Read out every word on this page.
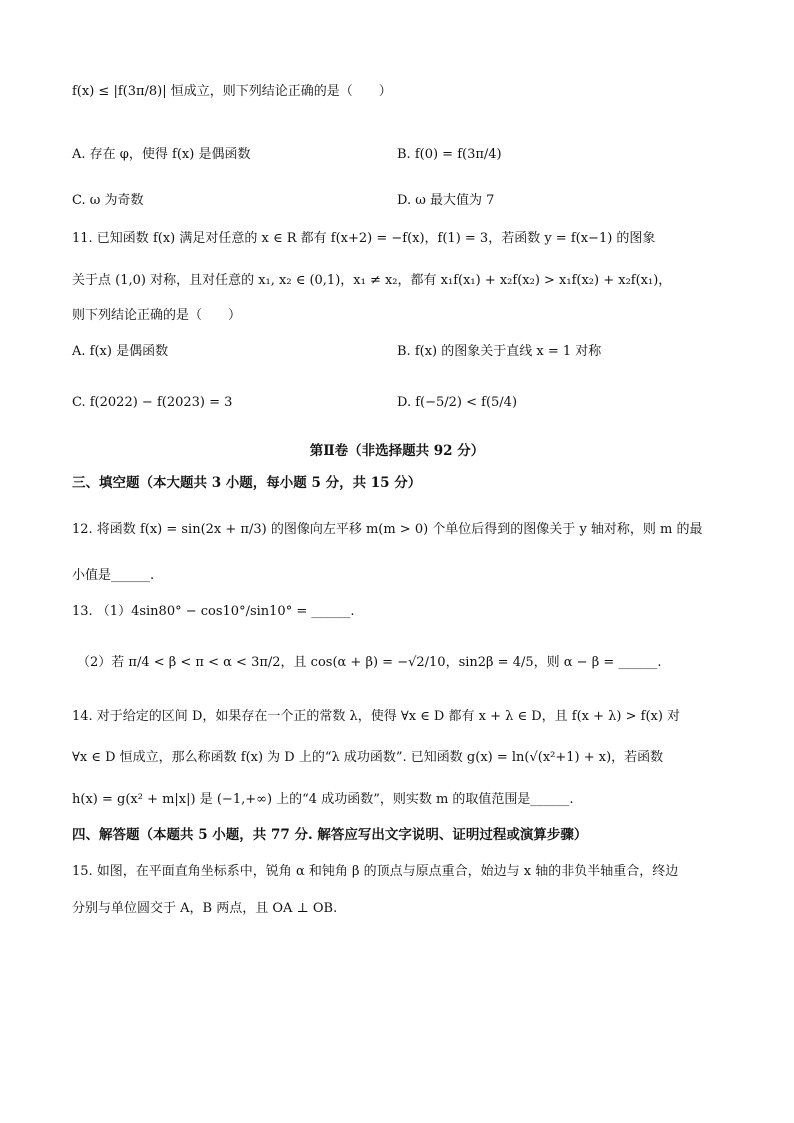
f(x) ≤ |f(3π/8)| 恒成立，则下列结论正确的是（　　）
A. 存在 φ，使得 f(x) 是偶函数	B. f(0) = f(3π/4)
C. ω 为奇数	D. ω 最大值为 7
11. 已知函数 f(x) 满足对任意的 x ∈ R 都有 f(x+2) = −f(x)，f(1) = 3，若函数 y = f(x−1) 的图象
关于点 (1,0) 对称，且对任意的 x₁, x₂ ∈ (0,1)，x₁ ≠ x₂，都有 x₁f(x₁) + x₂f(x₂) > x₁f(x₂) + x₂f(x₁)，
则下列结论正确的是（　　）
A. f(x) 是偶函数	B. f(x) 的图象关于直线 x = 1 对称
C. f(2022) − f(2023) = 3	D. f(−5/2) < f(5/4)
第Ⅱ卷（非选择题共 92 分）
三、填空题（本大题共 3 小题，每小题 5 分，共 15 分）
12. 将函数 f(x) = sin(2x + π/3) 的图像向左平移 m(m > 0) 个单位后得到的图像关于 y 轴对称，则 m 的最
小值是______.
13. （1）4sin80° − cos10°/sin10° = ______.
（2）若 π/4 < β < π < α < 3π/2，且 cos(α + β) = −√2/10，sin2β = 4/5，则 α − β = ______.
14. 对于给定的区间 D，如果存在一个正的常数 λ，使得 ∀x ∈ D 都有 x + λ ∈ D，且 f(x + λ) > f(x) 对
∀x ∈ D 恒成立，那么称函数 f(x) 为 D 上的“λ 成功函数”. 已知函数 g(x) = ln(√(x²+1) + x)，若函数
h(x) = g(x² + m|x|) 是 (−1,+∞) 上的“4 成功函数”，则实数 m 的取值范围是______.
四、解答题（本题共 5 小题，共 77 分. 解答应写出文字说明、证明过程或演算步骤）
15. 如图，在平面直角坐标系中，锐角 α 和钝角 β 的顶点与原点重合，始边与 x 轴的非负半轴重合，终边
分别与单位圆交于 A，B 两点，且 OA ⊥ OB.
